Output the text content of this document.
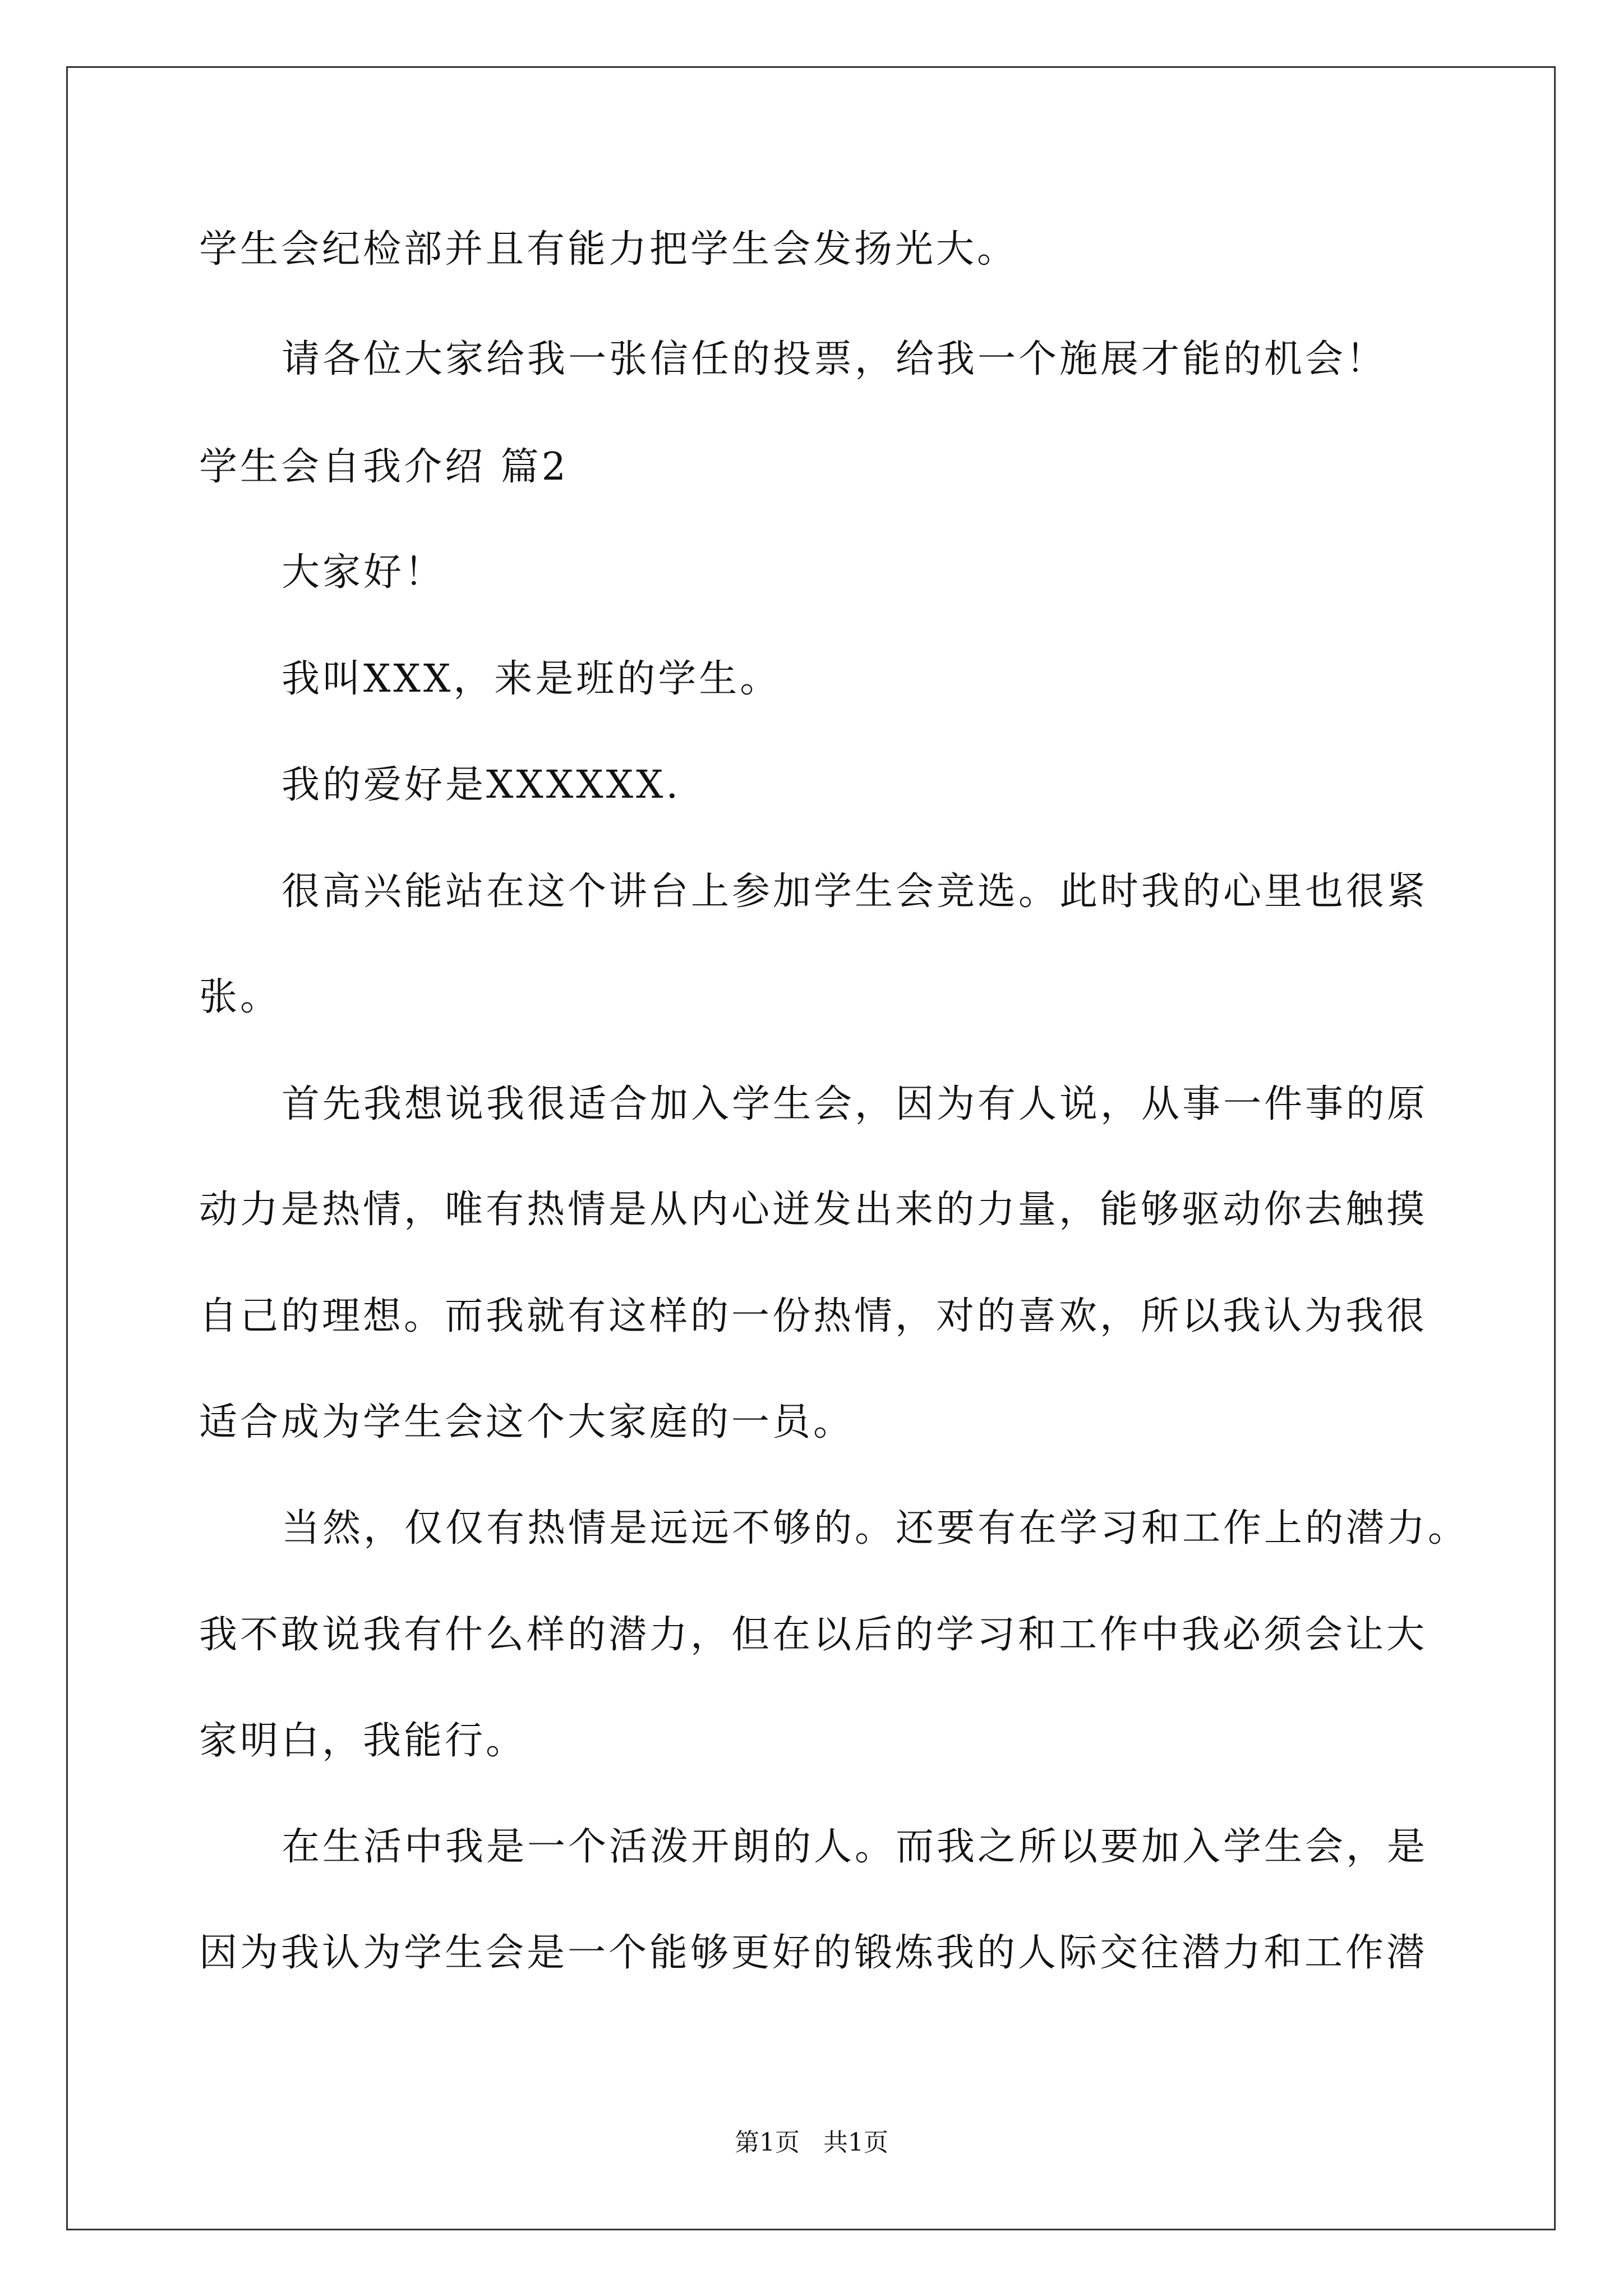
学生会纪检部并且有能力把学生会发扬光大。
请各位大家给我一张信任的投票，给我一个施展才能的机会！
学生会自我介绍 篇2
大家好！
我叫XXX，来是班的学生。
我的爱好是XXXXXX.
很高兴能站在这个讲台上参加学生会竞选。此时我的心里也很紧
张。
首先我想说我很适合加入学生会，因为有人说，从事一件事的原
动力是热情，唯有热情是从内心迸发出来的力量，能够驱动你去触摸
自己的理想。而我就有这样的一份热情，对的喜欢，所以我认为我很
适合成为学生会这个大家庭的一员。
当然，仅仅有热情是远远不够的。还要有在学习和工作上的潜力。
我不敢说我有什么样的潜力，但在以后的学习和工作中我必须会让大
家明白，我能行。
在生活中我是一个活泼开朗的人。而我之所以要加入学生会，是
因为我认为学生会是一个能够更好的锻炼我的人际交往潜力和工作潜
第1页   共1页
